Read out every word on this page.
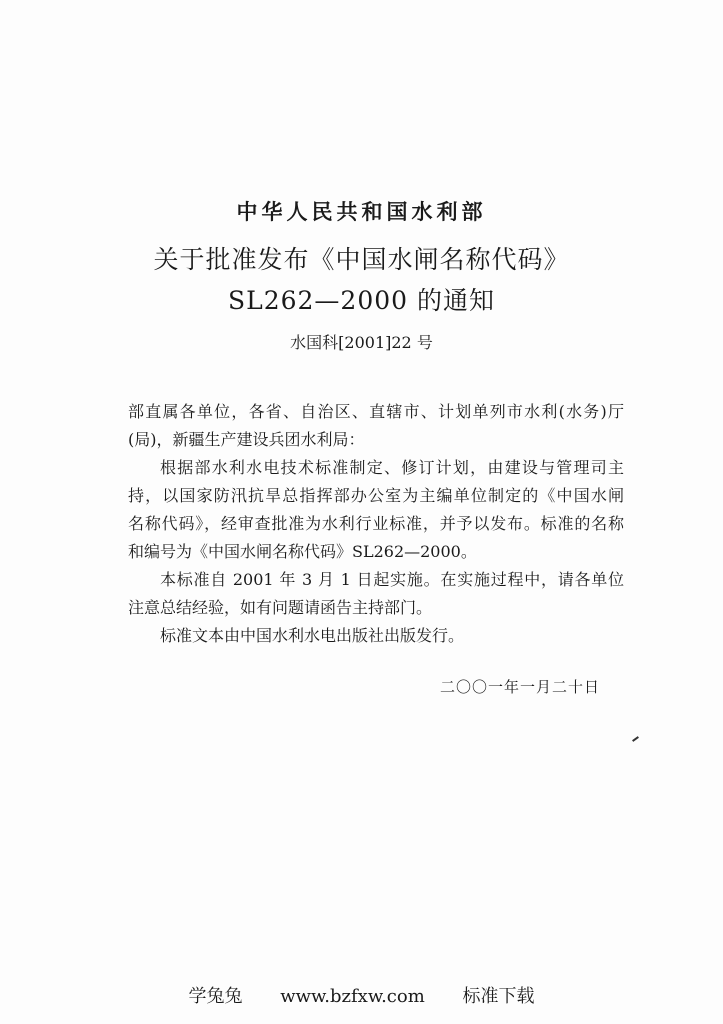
中华人民共和国水利部
关于批准发布《中国水闸名称代码》
SL262—2000 的通知
水国科[2001]22 号
部直属各单位，各省、自治区、直辖市、计划单列市水利(水务)厅
(局)，新疆生产建设兵团水利局：
根据部水利水电技术标准制定、修订计划，由建设与管理司主
持，以国家防汛抗旱总指挥部办公室为主编单位制定的《中国水闸
名称代码》，经审查批准为水利行业标准，并予以发布。标准的名称
和编号为《中国水闸名称代码》SL262—2000。
本标准自 2001 年 3 月 1 日起实施。在实施过程中，请各单位
注意总结经验，如有问题请函告主持部门。
标准文本由中国水利水电出版社出版发行。
二〇〇一年一月二十日
学兔兔 www.bzfxw.com 标准下载
